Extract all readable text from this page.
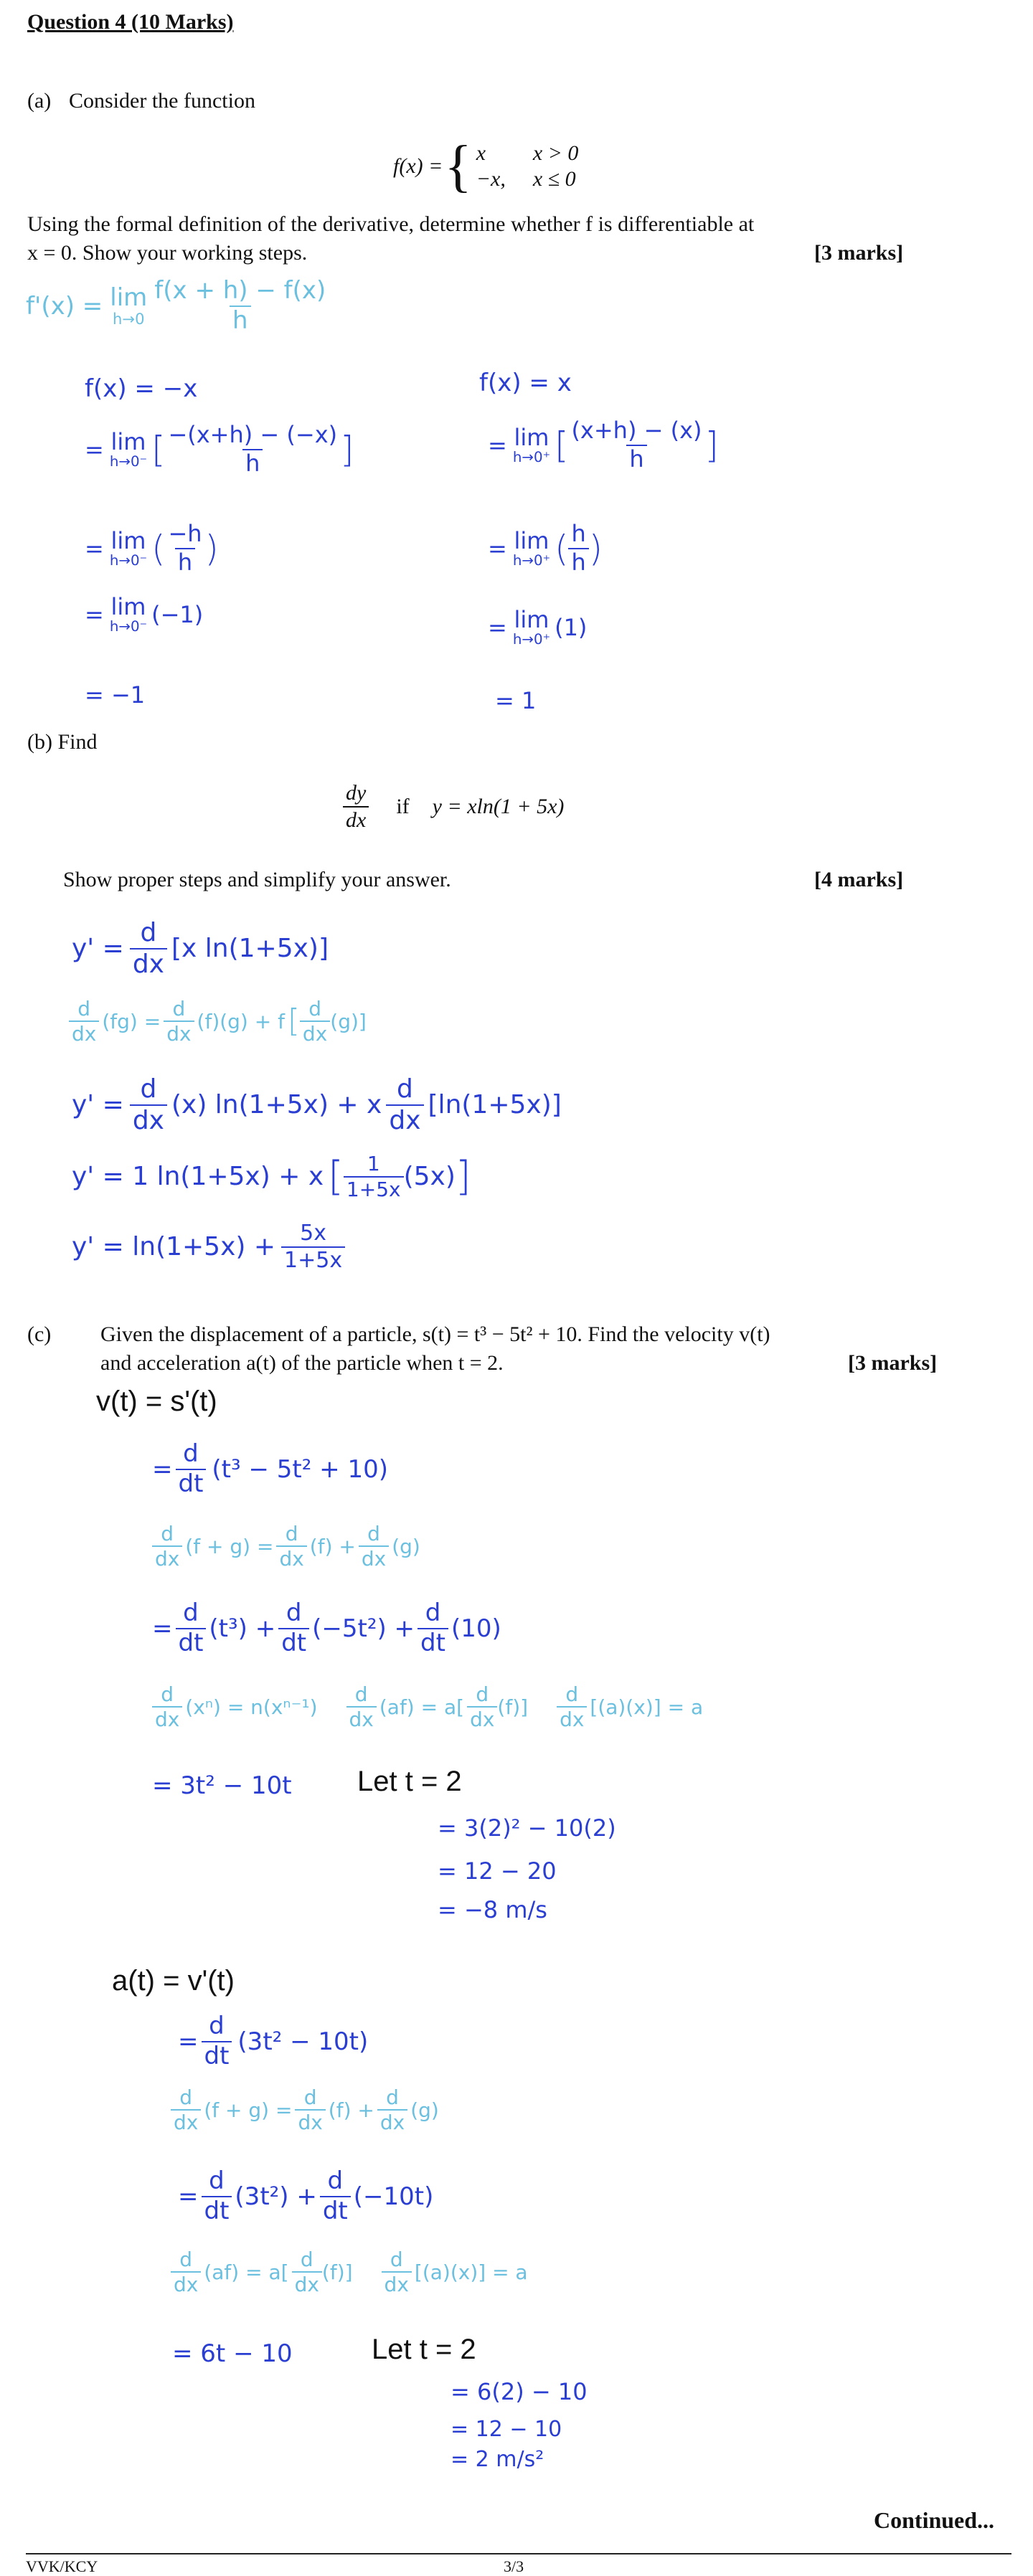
Question 4 (10 Marks)
(a) Consider the function
f(x) = { x	x > 0
−x, x ≤ 0
Using the formal definition of the derivative, determine whether f is differentiable at
x = 0. Show your working steps.	[3 marks]
f'(x) = lim
$h\to 0 \frac{f(x + h) - f(x)}{h}$
f(x) = −x
= lim
h→0⁻ [ $\frac{-(x+h) - (-x)}{h}$ ]
= lim
h→0⁻ ( $\frac{-h}{h}$ )
= lim
h→0⁻ (−1)
= −1
f(x) = x
= lim
h→0⁺ [ $\frac{(x+h) - (x)}{h}$ ]
= lim
h→0⁺ ( $\frac{h}{h}$ )
= lim
h→0⁺ (1)
= 1
(b) Find
$\frac{dy}{dx}$ if y = xln(1 + 5x)
Show proper steps and simplify your answer.	[4 marks]
$y' = \frac{d}{dx} [x$ ln(1+5x)]
$\frac{d}{dx} (fg) = \frac{d}{dx} (f)(g) + f$ [ $\frac{d}{dx} (g)$]
$y' = \frac{d}{dx} (x) \ln(1+5x) + x \frac{d}{dx} [\ln(1+5x)]$
y' = 1 ln(1+5x) + x [ $\frac{1}{1+5x} (5x)$ ]
$y' = \ln(1+5x) + \frac{5x}{1+5x}$
(c) Given the displacement of a particle, s(t) = t³ − 5t² + 10. Find the velocity v(t)
and acceleration a(t) of the particle when t = 2.	[3 marks]
v(t) = s'(t)
= $\frac{d}{dt} (t^3 - 5t^2 + 10)$
$\frac{d}{dx} (f + g) = \frac{d}{dx} (f) + \frac{d}{dx} (g)$
= $\frac{d}{dt} (t^3) + \frac{d}{dt} (-5t^2) + \frac{d}{dt} (10)$
$\frac{d}{dx} (x^n) = n(x^{n-1}) \frac{d}{dx} (af) = a[ \frac{d}{dx} (f)] \frac{d}{dx} [(a)(x)] = a$
= 3t² − 10t Let t = 2
= 3(2)² − 10(2)
= 12 − 20
= −8 m/s
a(t) = v'(t)
= $\frac{d}{dt} (3t^2 - 10t)$
$\frac{d}{dx} (f + g) = \frac{d}{dx} (f) + \frac{d}{dx} (g)$
= $\frac{d}{dt} (3t^2) + \frac{d}{dt} (-10t)$
$\frac{d}{dx} (af) = a[ \frac{d}{dx} (f)] \frac{d}{dx} [(a)(x)] = a$
= 6t − 10	Let t = 2
= 6(2) − 10
= 12 − 10
= 2 m/s²
Continued...
VVK/KCY	3/3
